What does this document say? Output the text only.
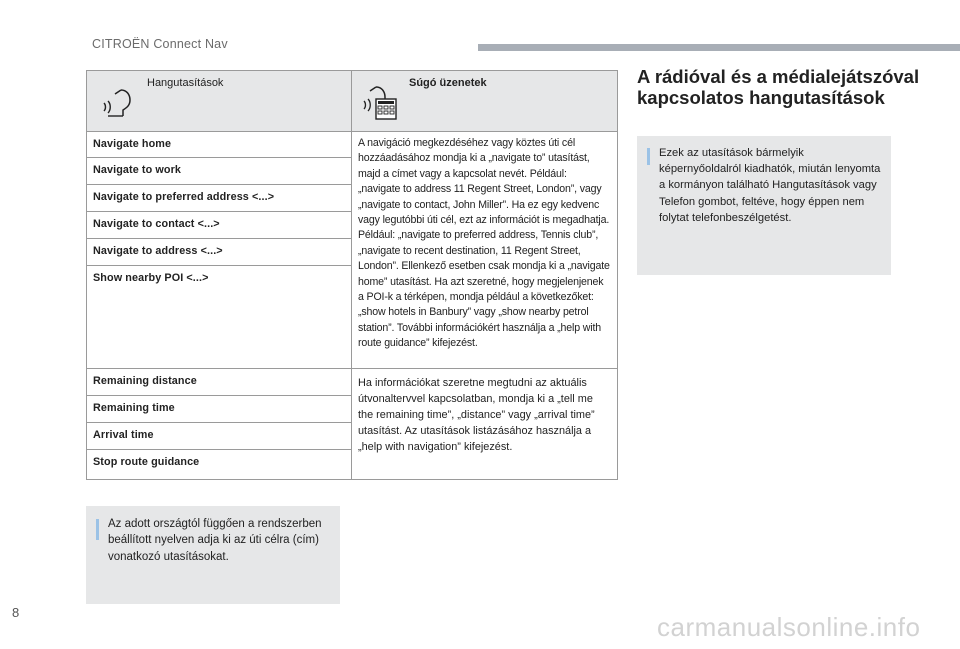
CITROËN Connect Nav
Hangutasítások	Súgó üzenetek

Navigate home	A navigáció megkezdéséhez vagy köztes úti cél hozzáadásához mondja ki a „navigate to” utasítást, majd a címet vagy a kapcsolat nevét. Például: „navigate to address 11 Regent Street, London”, vagy „navigate to contact, John Miller”. Ha ez egy kedvenc vagy legutóbbi úti cél, ezt az információt is megadhatja. Például: „navigate to preferred address, Tennis club”, „navigate to recent destination, 11 Regent Street, London”. Ellenkező esetben csak mondja ki a „navigate home” utasítást. Ha azt szeretné, hogy megjelenjenek a POI-k a térképen, mondja például a következőket: „show hotels in Banbury” vagy „show nearby petrol station”. További információkért használja a „help with route guidance” kifejezést.
Navigate to work	
Navigate to preferred address <...>	
Navigate to contact <...>	
Navigate to address <...>	
Show nearby POI <...>	
Remaining distance	Ha információkat szeretne megtudni az aktuális útvonaltervvel kapcsolatban, mondja ki a „tell me the remaining time”, „distance” vagy „arrival time” utasítást. Az utasítások listázásához használja a „help with navigation” kifejezést.
Remaining time	
Arrival time	
Stop route guidance	
Az adott országtól függően a rendszerben beállított nyelven adja ki az úti célra (cím) vonatkozó utasításokat.
A rádióval és a médialejátszóval kapcsolatos hangutasítások
Ezek az utasítások bármelyik képernyőoldalról kiadhatók, miután lenyomta a kormányon található Hangutasítások vagy Telefon gombot, feltéve, hogy éppen nem folytat telefonbeszélgetést.
8	carmanualsonline.info
